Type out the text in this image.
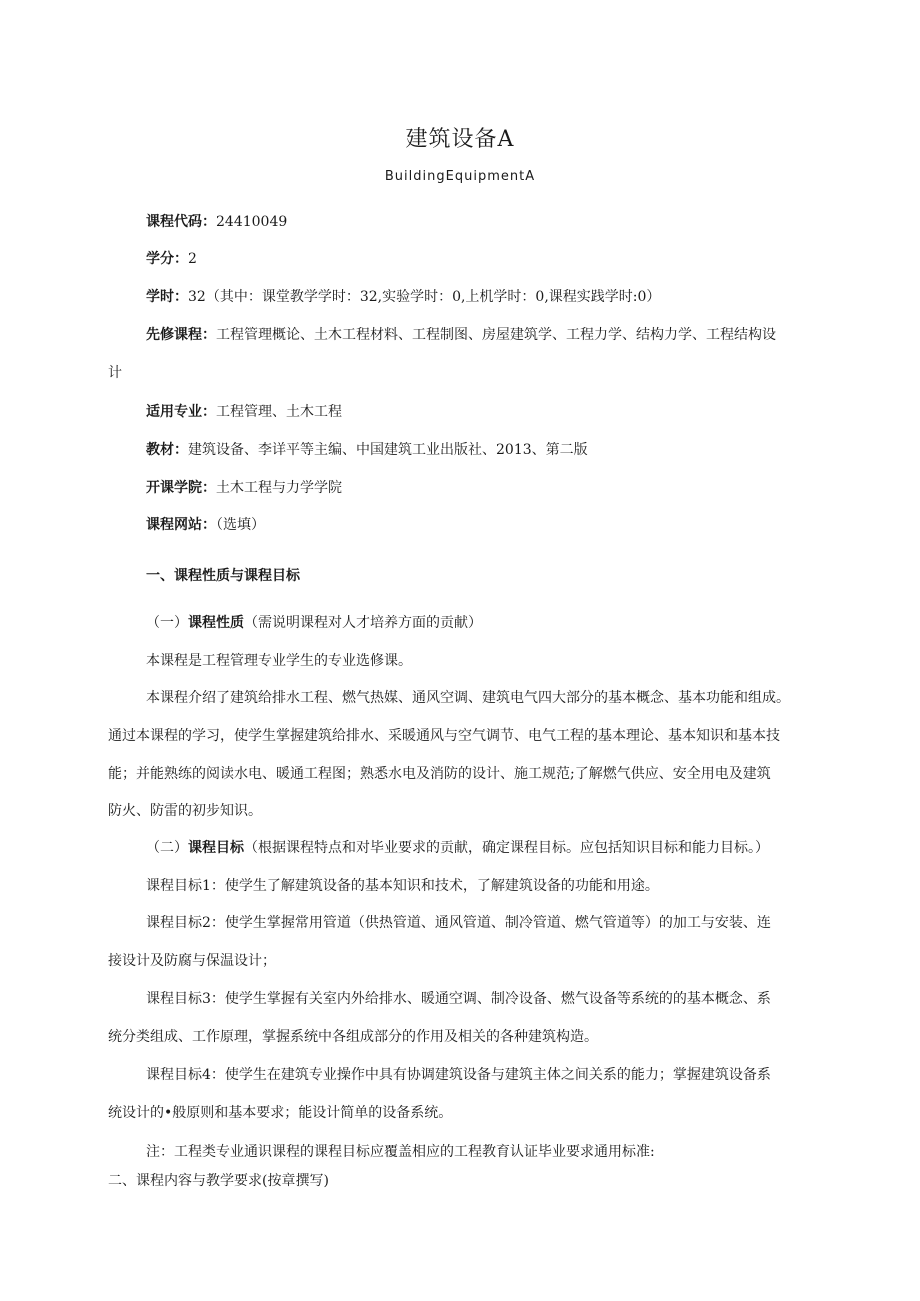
建筑设备A
BuildingEquipmentA
课程代码：24410049
学分：2
学时：32（其中：课堂教学学时：32,实验学时：0,上机学时：0,课程实践学时:0）
先修课程：工程管理概论、土木工程材料、工程制图、房屋建筑学、工程力学、结构力学、工程结构设
计
适用专业：工程管理、土木工程
教材：建筑设备、李详平等主编、中国建筑工业出版社、2013、第二版
开课学院：土木工程与力学学院
课程网站：（选填）
一、课程性质与课程目标
（一）课程性质（需说明课程对人才培养方面的贡献）
本课程是工程管理专业学生的专业选修课。
本课程介绍了建筑给排水工程、燃气热媒、通风空调、建筑电气四大部分的基本概念、基本功能和组成。
通过本课程的学习，使学生掌握建筑给排水、采暖通风与空气调节、电气工程的基本理论、基本知识和基本技
能；并能熟练的阅读水电、暖通工程图；熟悉水电及消防的设计、施工规范;了解燃气供应、安全用电及建筑
防火、防雷的初步知识。
（二）课程目标（根据课程特点和对毕业要求的贡献，确定课程目标。应包括知识目标和能力目标。）
课程目标1：使学生了解建筑设备的基本知识和技术，了解建筑设备的功能和用途。
课程目标2：使学生掌握常用管道（供热管道、通风管道、制冷管道、燃气管道等）的加工与安装、连
接设计及防腐与保温设计；
课程目标3：使学生掌握有关室内外给排水、暖通空调、制冷设备、燃气设备等系统的的基本概念、系
统分类组成、工作原理，掌握系统中各组成部分的作用及相关的各种建筑构造。
课程目标4：使学生在建筑专业操作中具有协调建筑设备与建筑主体之间关系的能力；掌握建筑设备系
统设计的•般原则和基本要求；能设计简单的设备系统。
注：工程类专业通识课程的课程目标应覆盖相应的工程教育认证毕业要求通用标准:
二、课程内容与教学要求(按章撰写)
